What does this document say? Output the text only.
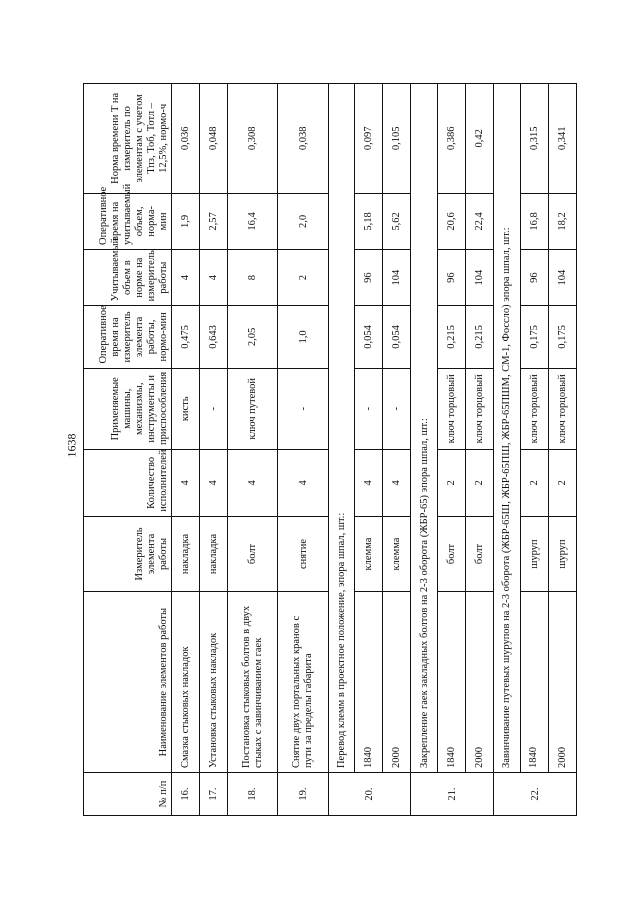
1638
№ п/п	Наименование элементов работы	Измеритель элемента работы	Количество исполнителей	Применяемые машины, механизмы, инструменты и приспособления	Оперативное время на измеритель элемента работы, нормо-мин	Учитываемый объем в норме на измеритель работы	Оперативное время на учитываемый объем, норма-мин	Норма времени T на измеритель по элементам с учетом Тпз, Тоб, Тотл – 12,5%, нормо-ч
16.	Смазка стыковых накладок	накладка	4	кисть	0,475	4	1,9	0,036
17.	Установка стыковых накладок	накладка	4	-	0,643	4	2,57	0,048
18.	Постановка стыковых болтов в двух стыках с завинчиванием гаек	болт	4	ключ путевой	2,05	8	16,4	0,308
19.	Снятие двух портальных кранов с пути за пределы габарита	снятие	4	-	1,0	2	2,0	0,038
20.	Перевод клемм в проектное положение, эпора шпал, шт.:							
	1840	клемма	4	-	0,054	96	5,18	0,097
	2000	клемма	4	-	0,054	104	5,62	0,105
21.	Закрепление гаек закладных болтов на 2-3 оборота (ЖБР-65) эпора шпал, шт.:							
	1840	болт	2	ключ торцовый	0,215	96	20,6	0,386
	2000	болт	2	ключ торцовый	0,215	104	22,4	0,42
22.	Завинчивание путевых шурупов на 2-3 оборота (ЖБР-65Ш, ЖБР-65ПШ, ЖБР-65ПШМ, СМ-1, Фоссло) эпора шпал, шт.:							
	1840	шуруп	2	ключ торцовый	0,175	96	16,8	0,315
	2000	шуруп	2	ключ торцовый	0,175	104	18,2	0,341
